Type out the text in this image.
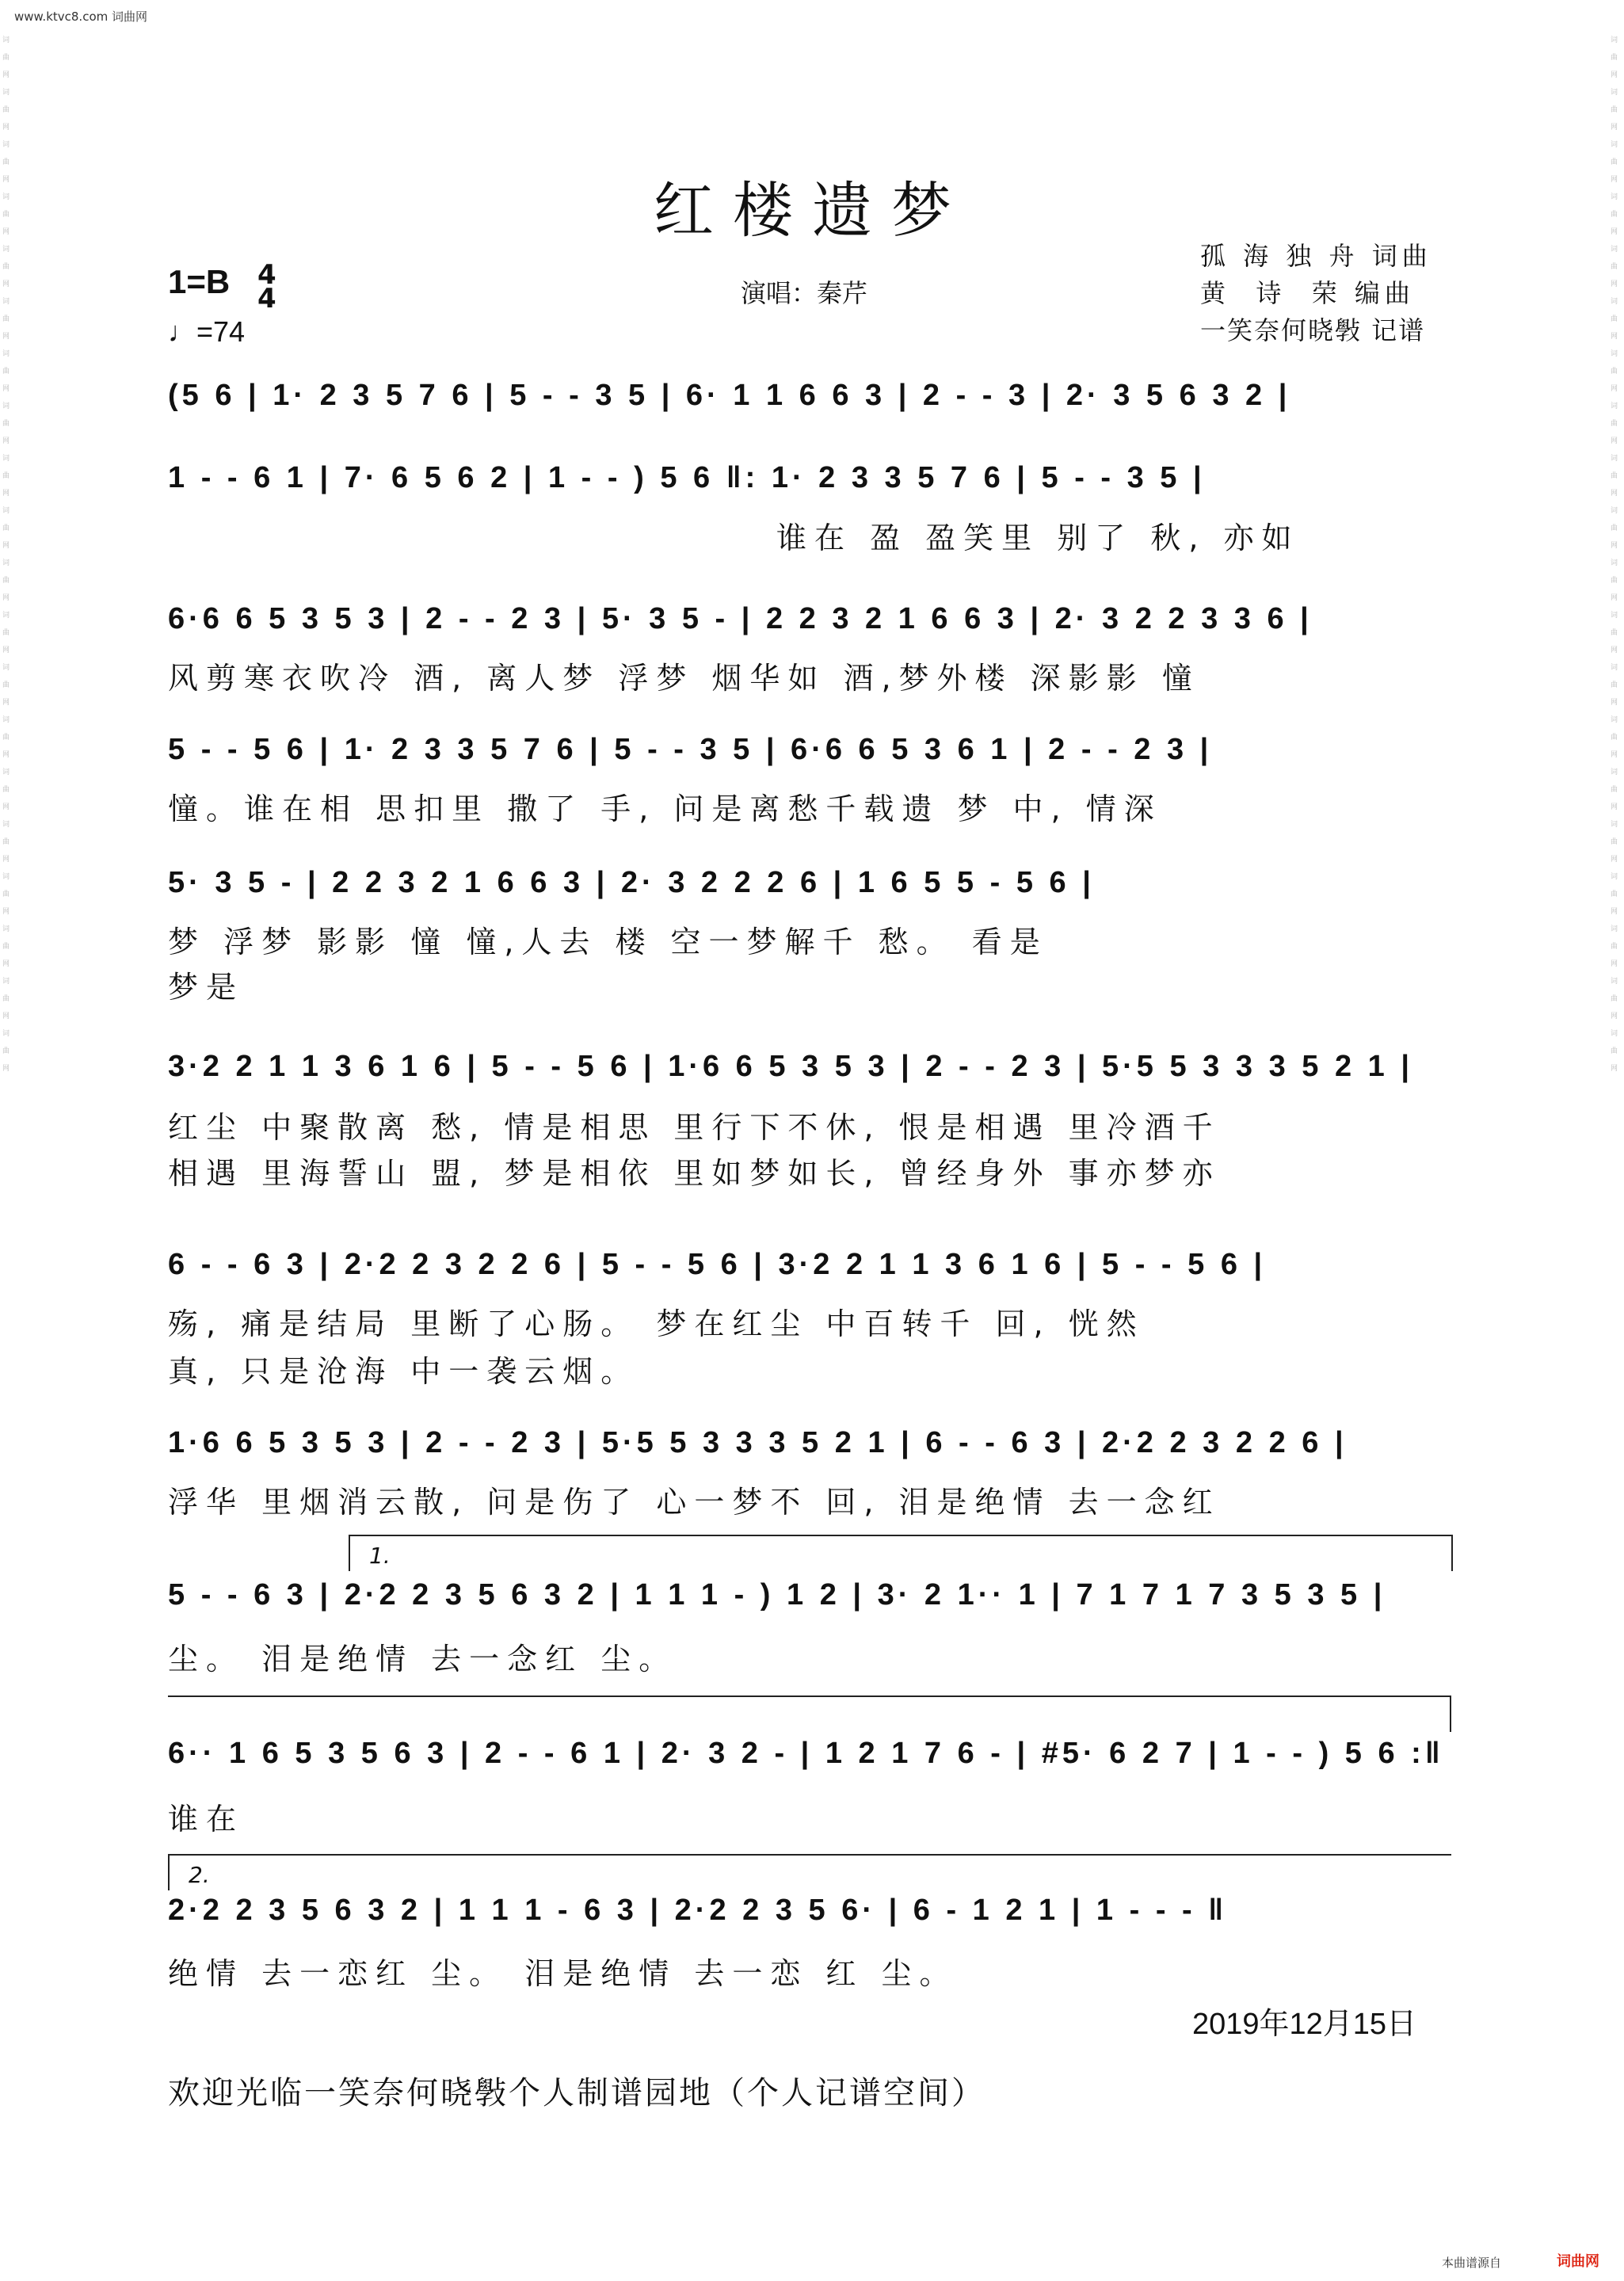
www.ktvc8.com 词曲网
词曲网 词曲网 词曲网 词曲网 词曲网 词曲网 词曲网 词曲网 词曲网 词曲网 词曲网 词曲网 词曲网 词曲网 词曲网 词曲网 词曲网 词曲网 词曲网 词曲网
词曲网 词曲网 词曲网 词曲网 词曲网 词曲网 词曲网 词曲网 词曲网 词曲网 词曲网 词曲网 词曲网 词曲网 词曲网 词曲网 词曲网 词曲网 词曲网 词曲网
红楼遗梦
孤 海 独 舟 词曲
黄  诗  荣 编曲
一笑奈何晓斅 记谱
1=B 4
4
♩=74
演唱：秦芹
(5 6 | 1· 2 3 5 7 6 | 5 - - 3 5 | 6· 1 1 6 6 3 | 2 - - 3 | 2· 3 5 6 3 2 |
1 - - 6 1 | 7· 6 5 6 2 | 1 - - ) 5 6 ‖: 1· 2 3 3 5 7 6 | 5 - - 3 5 |
谁在 盈 盈笑里 别了 秋, 亦如
6·6 6 5 3 5 3 | 2 - - 2 3 | 5· 3 5 - | 2 2 3 2 1 6 6 3 | 2· 3 2 2 3 3 6 |
风剪寒衣吹冷 酒, 离人梦 浮梦 烟华如 酒,梦外楼 深影影 憧
5 - - 5 6 | 1· 2 3 3 5 7 6 | 5 - - 3 5 | 6·6 6 5 3 6 1 | 2 - - 2 3 |
憧。谁在相 思扣里 撒了 手, 问是离愁千载遗 梦 中, 情深
5· 3 5 - | 2 2 3 2 1 6 6 3 | 2· 3 2 2 2 6 | 1 6 5 5 - 5 6 |
梦 浮梦 影影 憧 憧,人去 楼 空一梦解千 愁。 看是
梦是
3·2 2 1 1 3 6 1 6 | 5 - - 5 6 | 1·6 6 5 3 5 3 | 2 - - 2 3 | 5·5 5 3 3 3 5 2 1 |
红尘 中聚散离 愁, 情是相思 里行下不休, 恨是相遇 里冷酒千
相遇 里海誓山 盟, 梦是相依 里如梦如长, 曾经身外 事亦梦亦
6 - - 6 3 | 2·2 2 3 2 2 6 | 5 - - 5 6 | 3·2 2 1 1 3 6 1 6 | 5 - - 5 6 |
殇, 痛是结局 里断了心肠。 梦在红尘 中百转千 回, 恍然
真, 只是沧海 中一袭云烟。
1·6 6 5 3 5 3 | 2 - - 2 3 | 5·5 5 3 3 3 5 2 1 | 6 - - 6 3 | 2·2 2 3 2 2 6 |
浮华 里烟消云散, 问是伤了 心一梦不 回, 泪是绝情 去一念红
1.
5 - - 6 3 | 2·2 2 3 5 6 3 2 | 1 1 1 - ) 1 2 | 3· 2 1·· 1 | 7 1 7 1 7 3 5 3 5 |
尘。 泪是绝情 去一念红 尘。
6·· 1 6 5 3 5 6 3 | 2 - - 6 1 | 2· 3 2 - | 1 2 1 7 6 - | #5· 6 2 7 | 1 - - ) 5 6 :‖
谁在
2.
2·2 2 3 5 6 3 2 | 1 1 1 - 6 3 | 2·2 2 3 5 6· | 6 - 1 2 1 | 1 - - - ‖
绝情 去一恋红 尘。 泪是绝情 去一恋 红 尘。
2019年12月15日
欢迎光临一笑奈何晓斅个人制谱园地（个人记谱空间）
本曲谱源自	词曲网
